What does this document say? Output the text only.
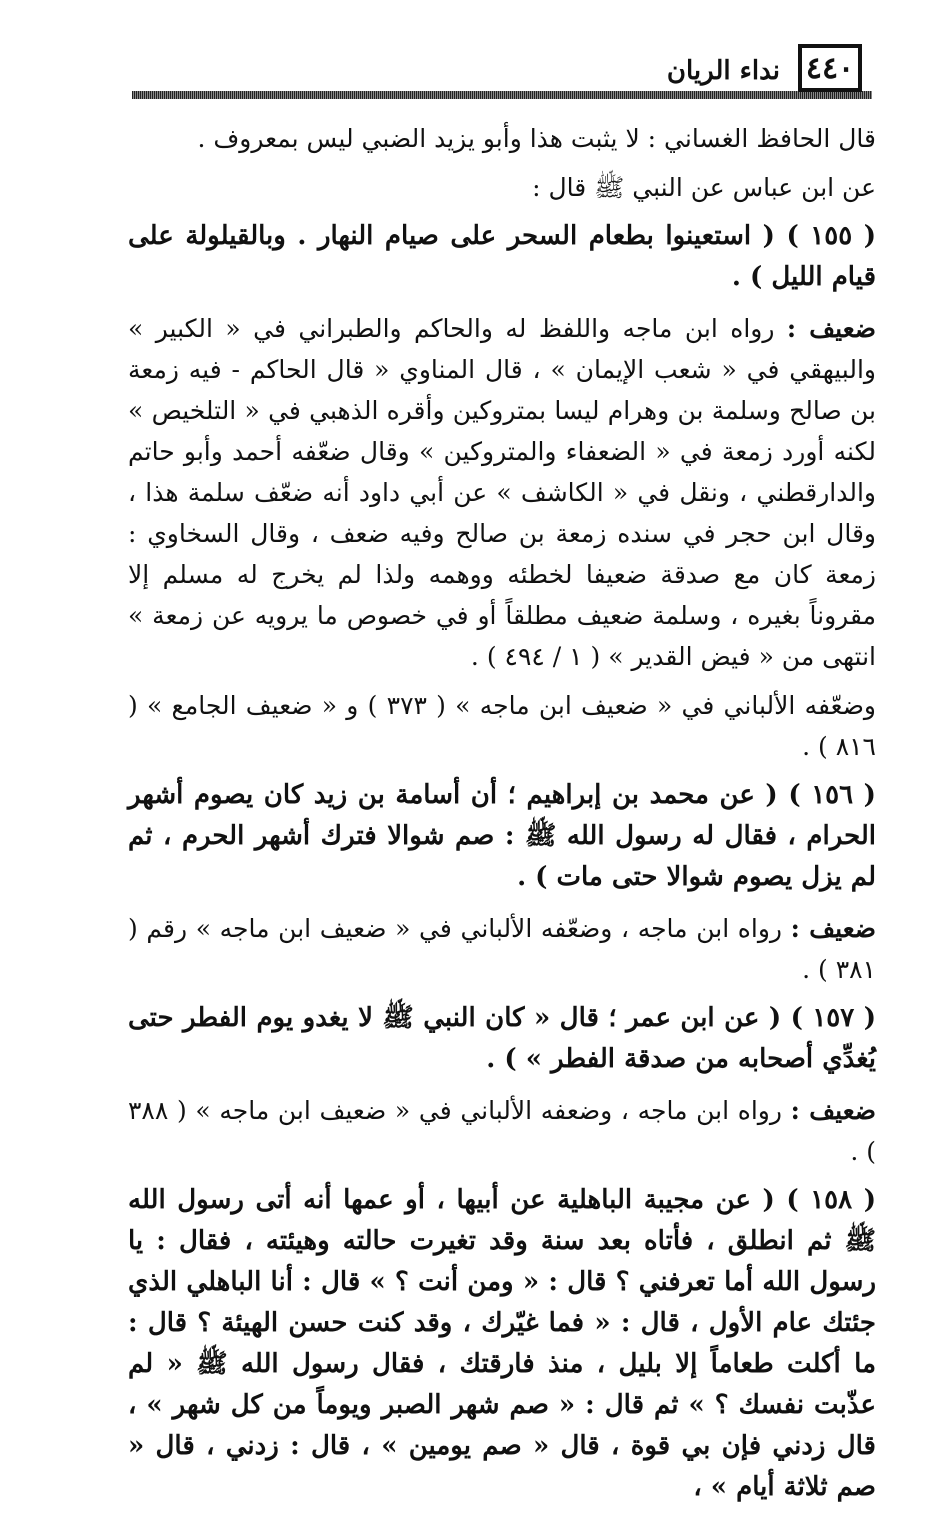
٤٤٠
نداء الريان

قال الحافظ الغساني : لا يثبت هذا وأبو يزيد الضبي ليس بمعروف .

عن ابن عباس عن النبي ﷺ قال :

( ١٥٥ ) ( استعينوا بطعام السحر على صيام النهار . وبالقيلولة على قيام الليل ) .

ضعيف : رواه ابن ماجه واللفظ له والحاكم والطبراني في « الكبير » والبيهقي في « شعب الإيمان » ، قال المناوي « قال الحاكم - فيه زمعة بن صالح وسلمة بن وهرام ليسا بمتروكين وأقره الذهبي في « التلخيص » لكنه أورد زمعة في « الضعفاء والمتروكين » وقال ضعّفه أحمد وأبو حاتم والدارقطني ، ونقل في « الكاشف » عن أبي داود أنه ضعّف سلمة هذا ، وقال ابن حجر في سنده زمعة بن صالح وفيه ضعف ، وقال السخاوي : زمعة كان مع صدقة ضعيفا لخطئه ووهمه ولذا لم يخرج له مسلم إلا مقروناً بغيره ، وسلمة ضعيف مطلقاً أو في خصوص ما يرويه عن زمعة » انتهى من « فيض القدير » ( ١ / ٤٩٤ ) .

وضعّفه الألباني في « ضعيف ابن ماجه » ( ٣٧٣ ) و « ضعيف الجامع » ( ٨١٦ ) .

( ١٥٦ ) ( عن محمد بن إبراهيم ؛ أن أسامة بن زيد كان يصوم أشهر الحرام ، فقال له رسول الله ﷺ : صم شوالا فترك أشهر الحرم ، ثم لم يزل يصوم شوالا حتى مات ) .

ضعيف : رواه ابن ماجه ، وضعّفه الألباني في « ضعيف ابن ماجه » رقم ( ٣٨١ ) .

( ١٥٧ ) ( عن ابن عمر ؛ قال « كان النبي ﷺ لا يغدو يوم الفطر حتى يُغدِّي أصحابه من صدقة الفطر » ) .

ضعيف : رواه ابن ماجه ، وضعفه الألباني في « ضعيف ابن ماجه » ( ٣٨٨ ) .

( ١٥٨ ) ( عن مجيبة الباهلية عن أبيها ، أو عمها أنه أتى رسول الله ﷺ ثم انطلق ، فأتاه بعد سنة وقد تغيرت حالته وهيئته ، فقال : يا رسول الله أما تعرفني ؟ قال : « ومن أنت ؟ » قال : أنا الباهلي الذي جئتك عام الأول ، قال : « فما غيّرك ، وقد كنت حسن الهيئة ؟ قال : ما أكلت طعاماً إلا بليل ، منذ فارقتك ، فقال رسول الله ﷺ « لم عذّبت نفسك ؟ » ثم قال : « صم شهر الصبر ويوماً من كل شهر » ، قال زدني فإن بي قوة ، قال « صم يومين » ، قال : زدني ، قال « صم ثلاثة أيام » ،
